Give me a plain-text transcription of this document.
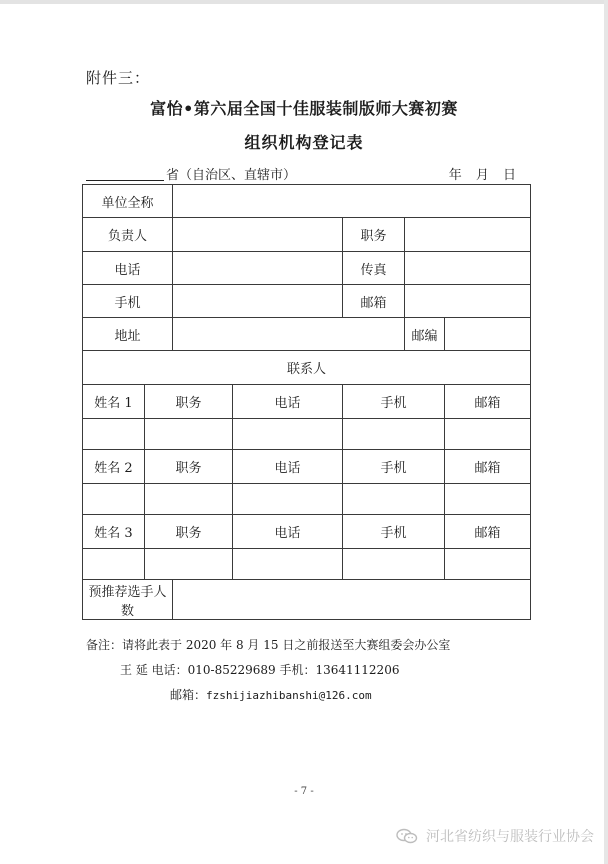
附件三：
富怡•第六届全国十佳服装制版师大赛初赛
组织机构登记表
省（自治区、直辖市）	年 月 日
单位全称						
负责人				职务		
电话				传真		
手机				邮箱		
地址					邮编	
联系人						
姓名 1	职务		电话	手机		邮箱

姓名 2	职务		电话	手机		邮箱

姓名 3	职务		电话	手机		邮箱

预推荐选手人数						
备注：请将此表于 2020 年 8 月 15 日之前报送至大赛组委会办公室
王 延 电话：010-85229689 手机：13641112206
邮箱：fzshijiazhibanshi@126.com
- 7 -
河北省纺织与服装行业协会
